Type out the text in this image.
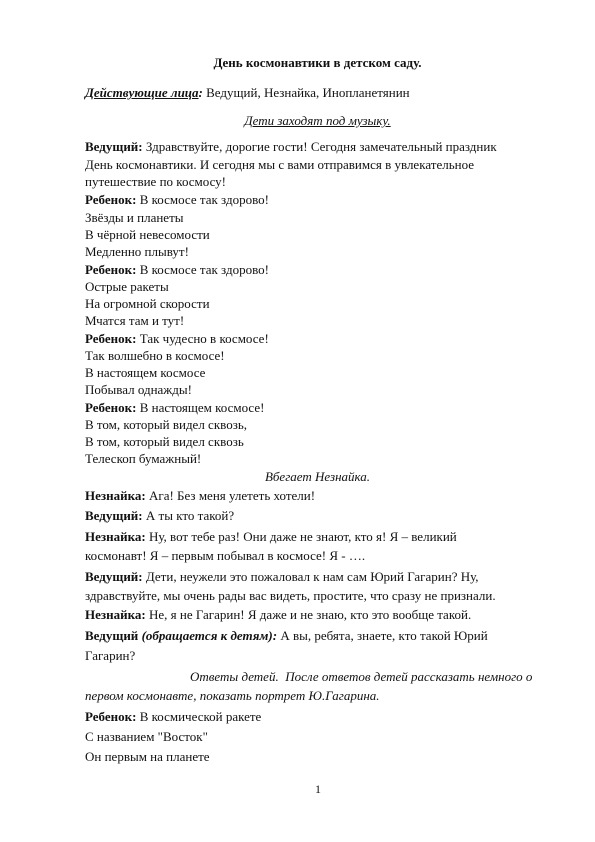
День космонавтики в детском саду.
Действующие лица: Ведущий, Незнайка, Инопланетянин
Дети заходят под музыку.
Ведущий: Здравствуйте, дорогие гости! Сегодня замечательный праздник
День космонавтики. И сегодня мы с вами отправимся в увлекательное
путешествие по космосу!
Ребенок: В космосе так здорово!
Звёзды и планеты
В чёрной невесомости
Медленно плывут!
Ребенок: В космосе так здорово!
Острые ракеты
На огромной скорости
Мчатся там и тут!
Ребенок: Так чудесно в космосе!
Так волшебно в космосе!
В настоящем космосе
Побывал однажды!
Ребенок: В настоящем космосе!
В том, который видел сквозь,
В том, который видел сквозь
Телескоп бумажный!
Вбегает Незнайка.
Незнайка: Ага! Без меня улететь хотели!
Ведущий: А ты кто такой?
Незнайка: Ну, вот тебе раз! Они даже не знают, кто я! Я – великий
космонавт! Я – первым побывал в космосе! Я - ….
Ведущий: Дети, неужели это пожаловал к нам сам Юрий Гагарин? Ну,
здравствуйте, мы очень рады вас видеть, простите, что сразу не признали.
Незнайка: Не, я не Гагарин! Я даже и не знаю, кто это вообще такой.
Ведущий (обращается к детям): А вы, ребята, знаете, кто такой Юрий
Гагарин?
Ответы детей.  После ответов детей рассказать немного о
первом космонавте, показать портрет Ю.Гагарина.
Ребенок: В космической ракете
С названием "Восток"
Он первым на планете
1
